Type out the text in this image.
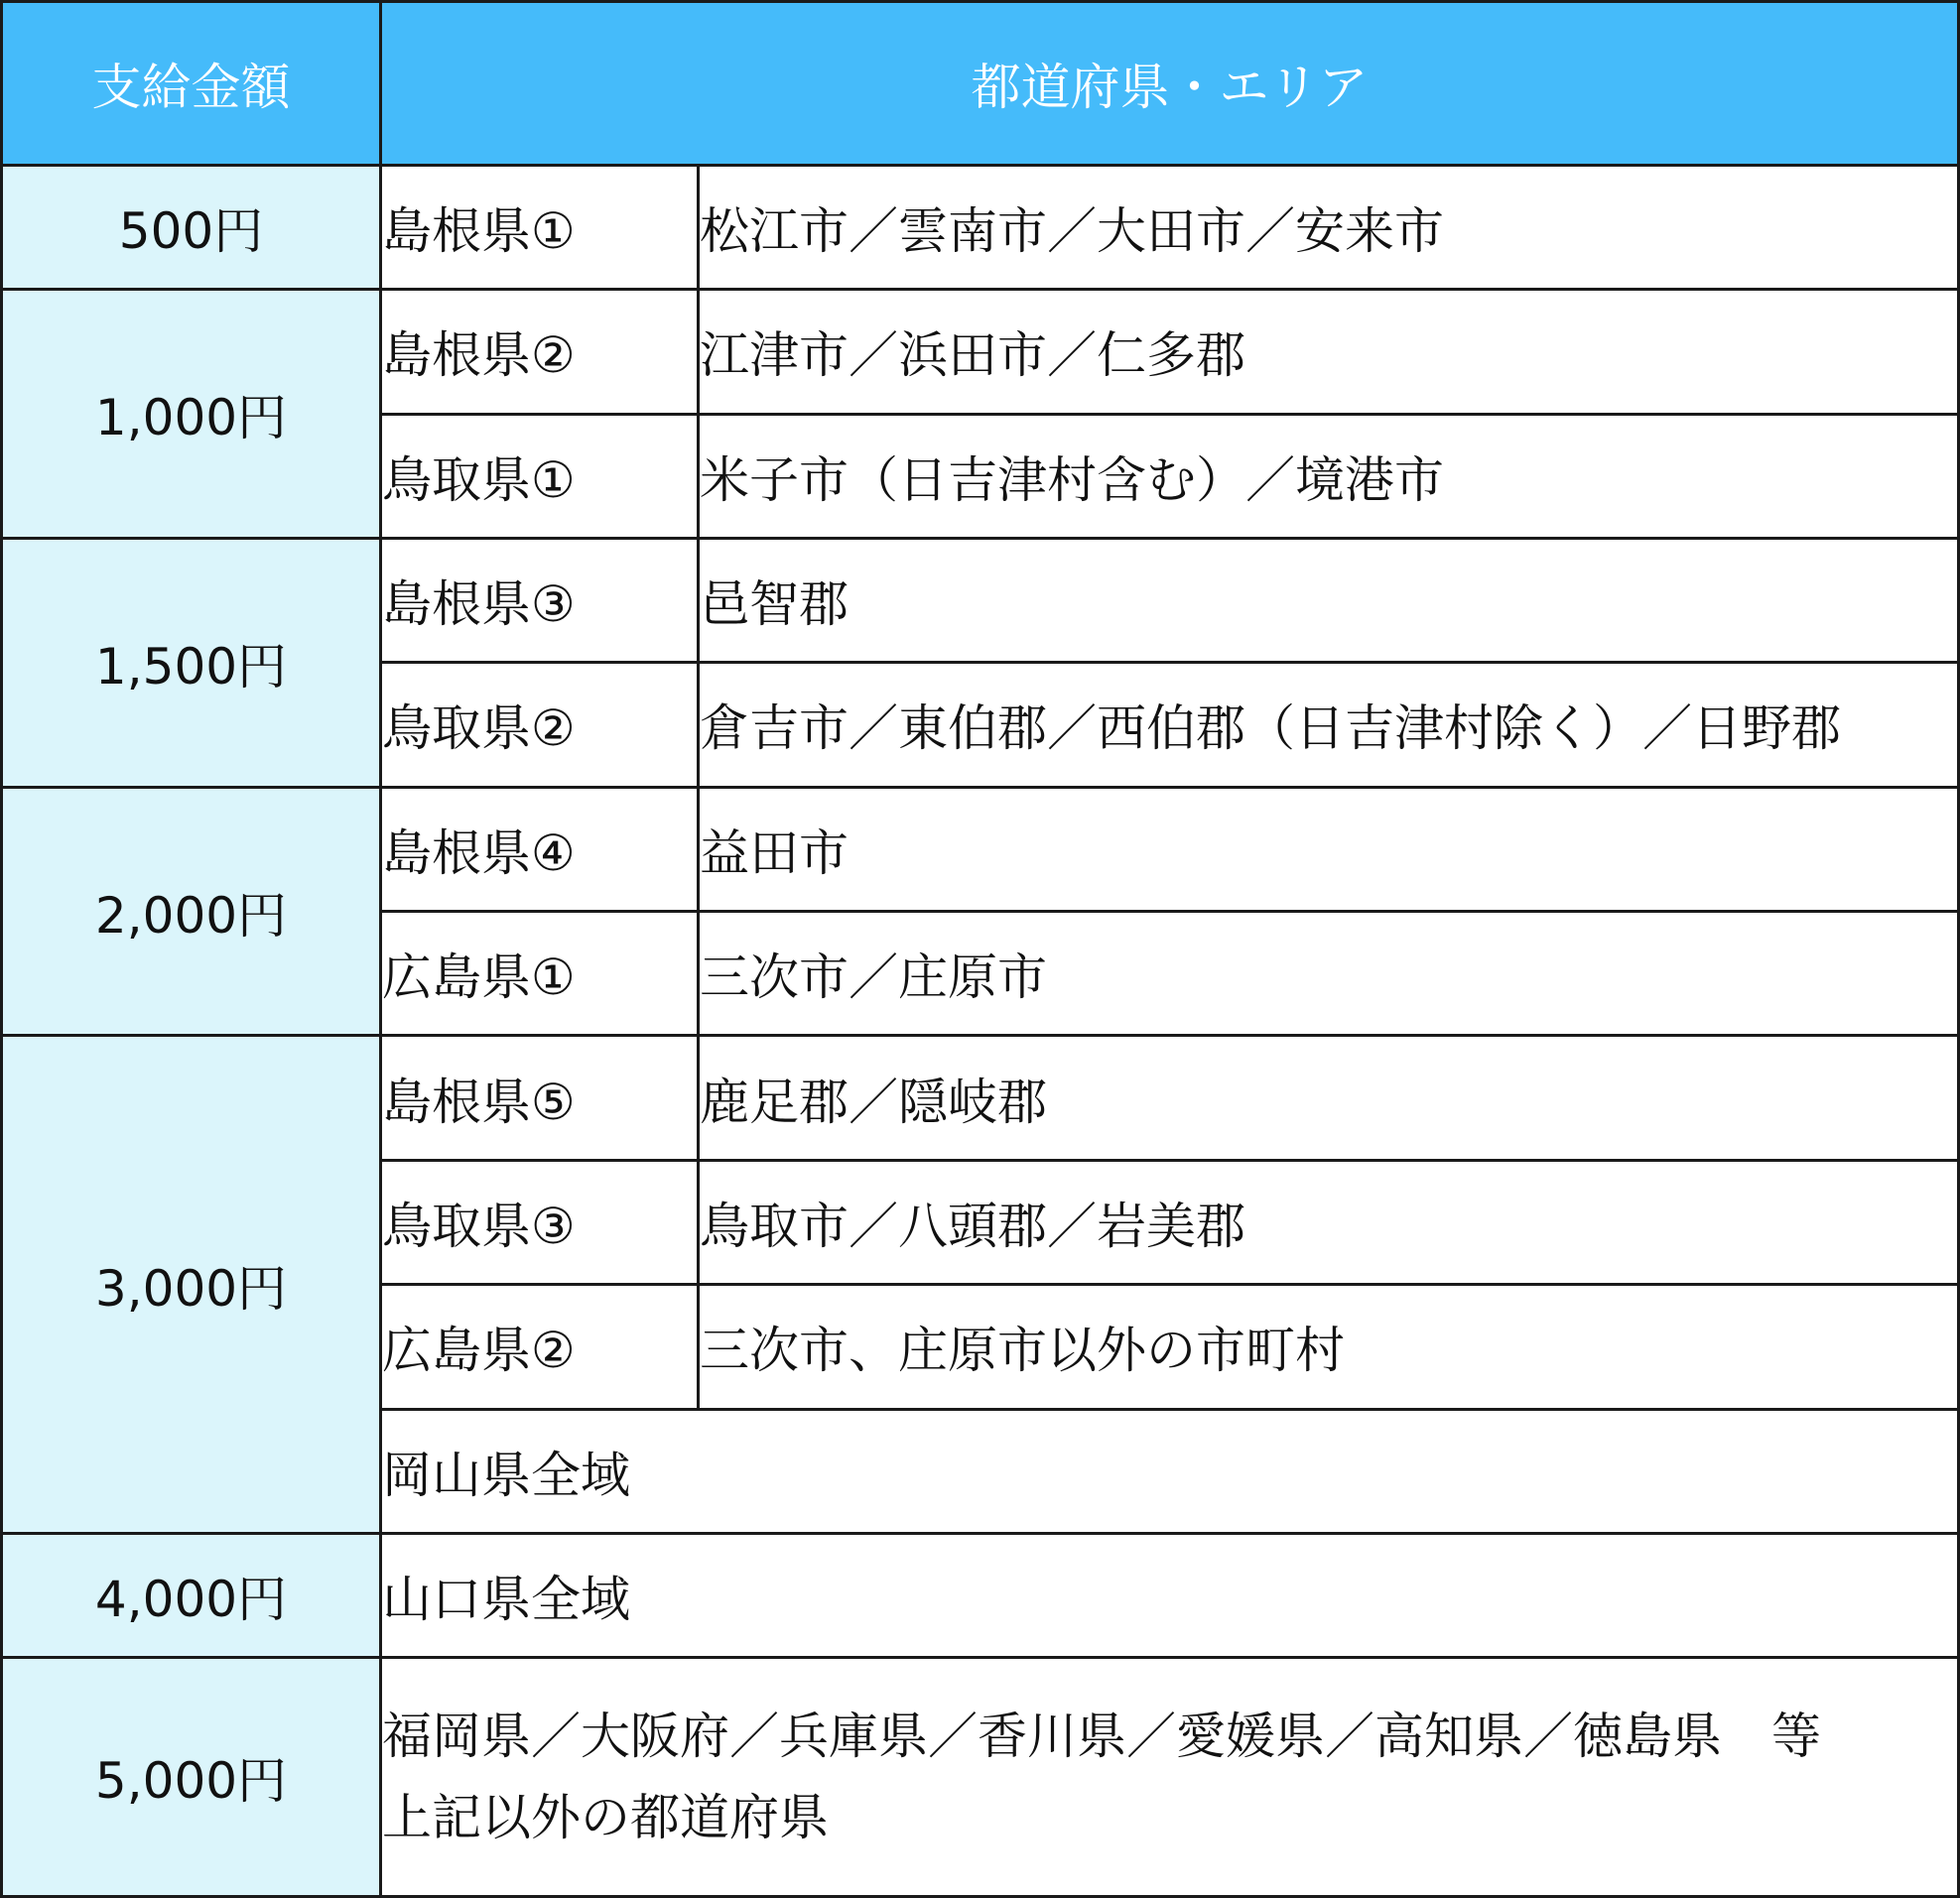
支給金額	都道府県・エリア	
500円	島根県①	松江市／雲南市／大田市／安来市
1,000円	島根県②	江津市／浜田市／仁多郡
	鳥取県①	米子市（日吉津村含む）／境港市
1,500円	島根県③	邑智郡
	鳥取県②	倉吉市／東伯郡／西伯郡（日吉津村除く）／日野郡
2,000円	島根県④	益田市
	広島県①	三次市／庄原市
3,000円	島根県⑤	鹿足郡／隠岐郡
	鳥取県③	鳥取市／八頭郡／岩美郡
	広島県②	三次市、庄原市以外の市町村
	岡山県全域	
4,000円	山口県全域	
5,000円	福岡県／大阪府／兵庫県／香川県／愛媛県／高知県／徳島県　等
上記以外の都道府県	
